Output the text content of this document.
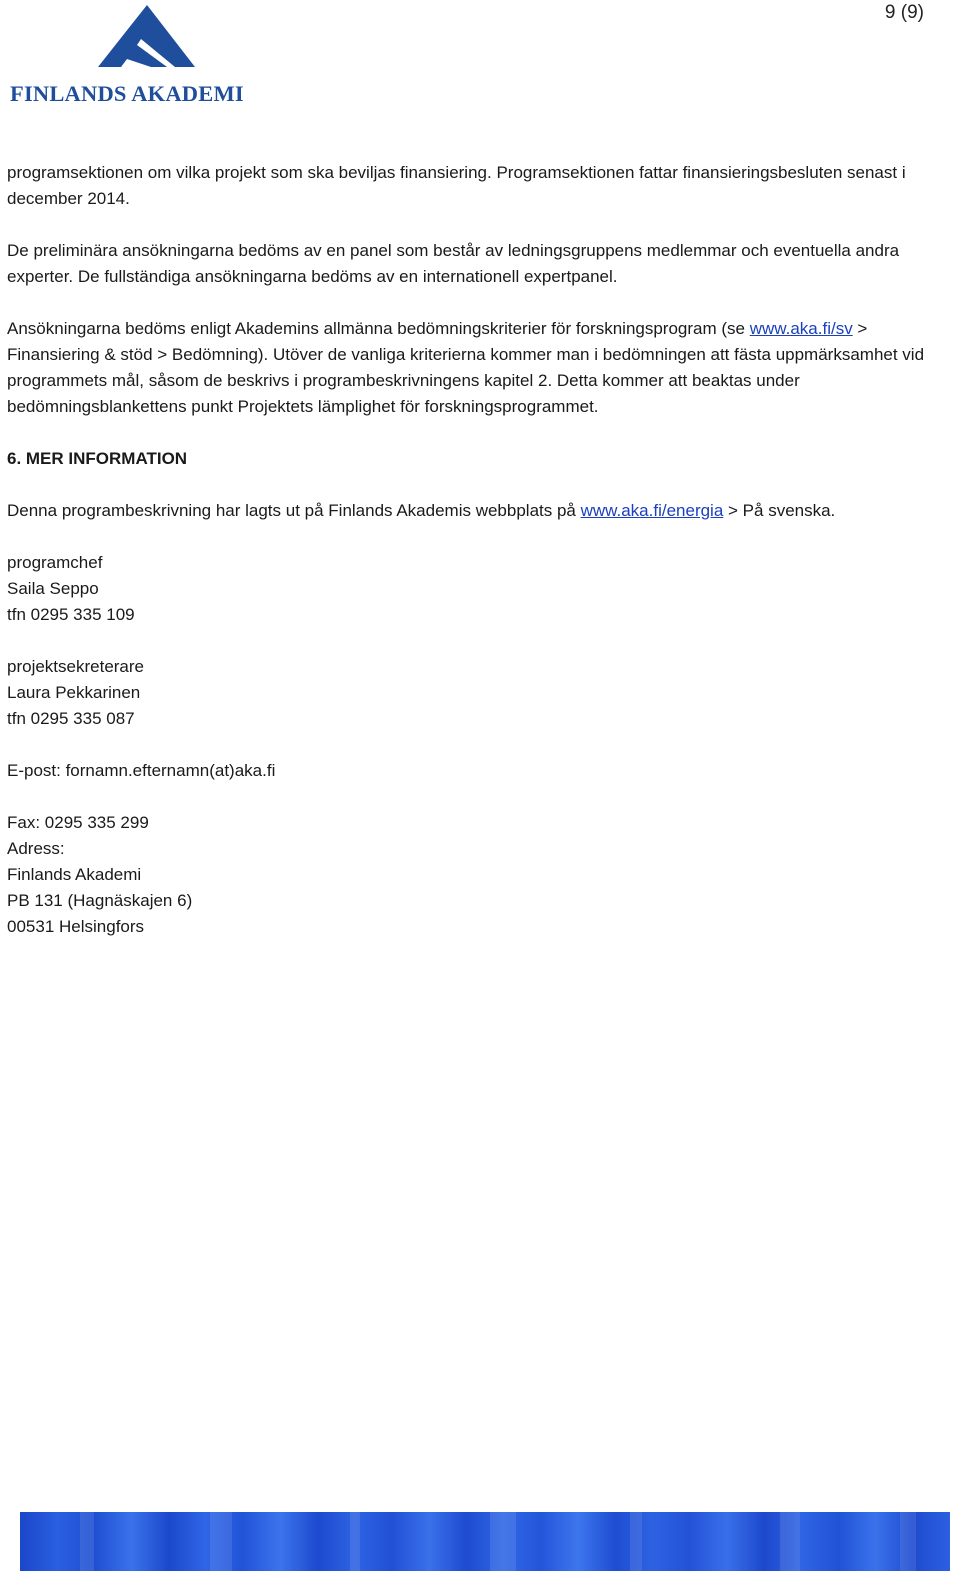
9 (9)
FINLANDS AKADEMI

programsektionen om vilka projekt som ska beviljas finansiering. Programsektionen fattar finansieringsbesluten senast i december 2014.

De preliminära ansökningarna bedöms av en panel som består av ledningsgruppens medlemmar och eventuella andra experter. De fullständiga ansökningarna bedöms av en internationell expertpanel.

Ansökningarna bedöms enligt Akademins allmänna bedömningskriterier för forskningsprogram (se www.aka.fi/sv > Finansiering & stöd > Bedömning). Utöver de vanliga kriterierna kommer man i bedömningen att fästa uppmärksamhet vid programmets mål, såsom de beskrivs i programbeskrivningens kapitel 2. Detta kommer att beaktas under bedömningsblankettens punkt Projektets lämplighet för forskningsprogrammet.

6. MER INFORMATION

Denna programbeskrivning har lagts ut på Finlands Akademis webbplats på www.aka.fi/energia > På svenska.

programchef

Saila Seppo

tfn 0295 335 109

projektsekreterare

Laura Pekkarinen

tfn 0295 335 087

E-post: fornamn.efternamn(at)aka.fi

Fax: 0295 335 299

Adress:

Finlands Akademi

PB 131 (Hagnäskajen 6)

00531 Helsingfors
